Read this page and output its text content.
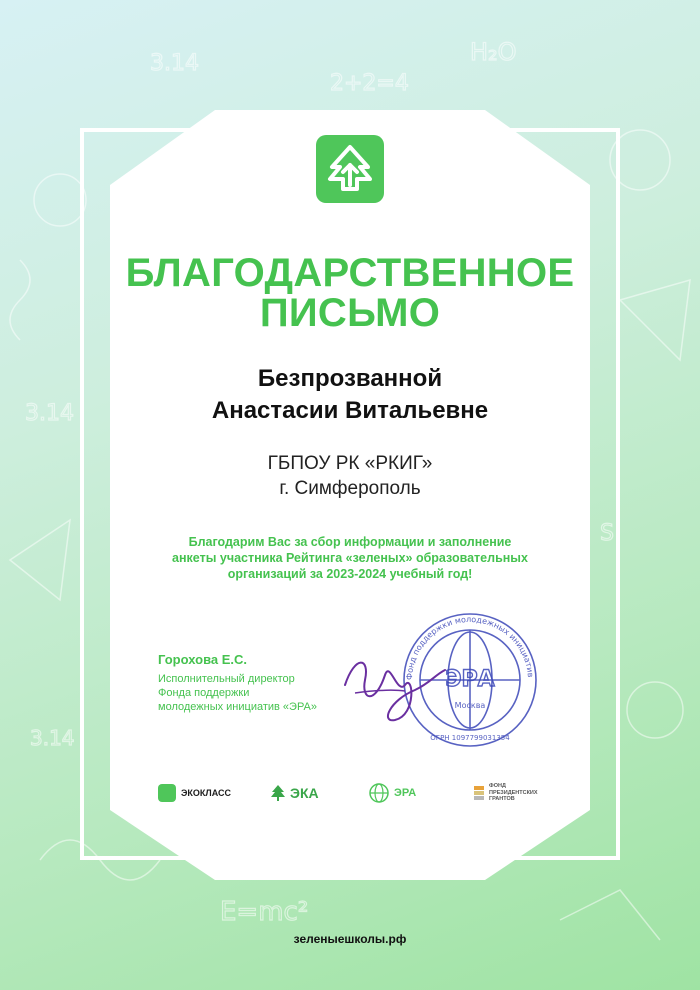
3.14
2+2=4
H₂O
3.14
3.14
E=mc²
S
БЛАГОДАРСТВЕННОЕ
ПИСЬМО
Безпрозванной
Анастасии Витальевне
ГБПОУ РК «РКИГ»
г. Симферополь
Благодарим Вас за сбор информации и заполнение
анкеты участника Рейтинга «зеленых» образовательных
организаций за 2023-2024 учебный год!
Горохова Е.С.
Исполнительный директор
Фонда поддержки
молодежных инициатив «ЭРА»
Фонд поддержки молодежных инициатив
ЭРА
Москва
ОГРН 1097799031354
ЭКОКЛАСС	ЭКА	ЭРА
ФОНД ПРЕЗИДЕНТСКИХ ГРАНТОВ
зеленыешколы.рф
